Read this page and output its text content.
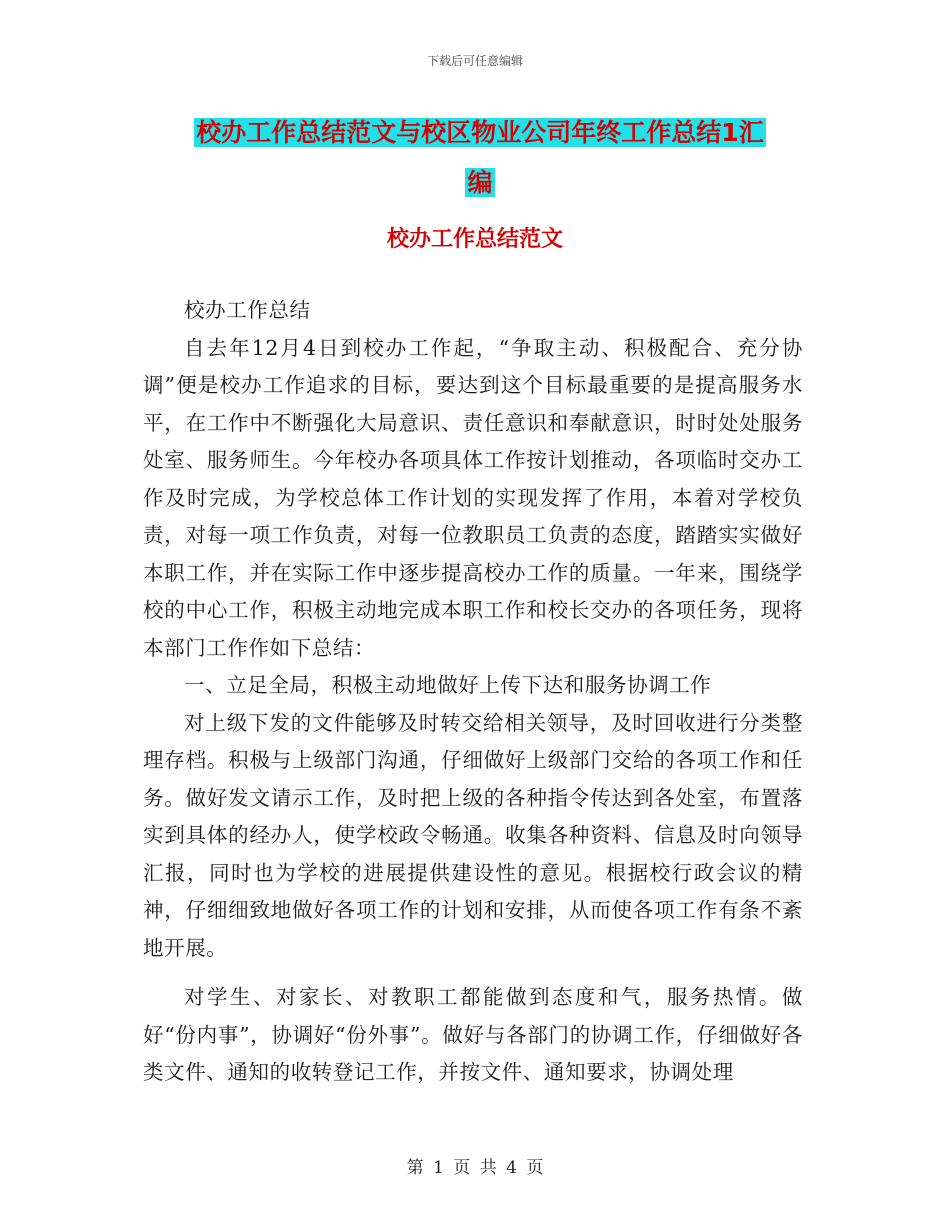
下载后可任意编辑
校办工作总结范文与校区物业公司年终工作总结1汇
编
校办工作总结范文

校办工作总结

自去年12月4日到校办工作起，“争取主动、积极配合、充分协调”便是校办工作追求的目标，要达到这个目标最重要的是提高服务水平，在工作中不断强化大局意识、责任意识和奉献意识，时时处处服务处室、服务师生。今年校办各项具体工作按计划推动，各项临时交办工作及时完成，为学校总体工作计划的实现发挥了作用，本着对学校负责，对每一项工作负责，对每一位教职员工负责的态度，踏踏实实做好本职工作，并在实际工作中逐步提高校办工作的质量。一年来，围绕学校的中心工作，积极主动地完成本职工作和校长交办的各项任务，现将本部门工作作如下总结：

一、立足全局，积极主动地做好上传下达和服务协调工作

对上级下发的文件能够及时转交给相关领导，及时回收进行分类整理存档。积极与上级部门沟通，仔细做好上级部门交给的各项工作和任务。做好发文请示工作，及时把上级的各种指令传达到各处室，布置落实到具体的经办人，使学校政令畅通。收集各种资料、信息及时向领导汇报，同时也为学校的进展提供建设性的意见。根据校行政会议的精神，仔细细致地做好各项工作的计划和安排，从而使各项工作有条不紊地开展。

对学生、对家长、对教职工都能做到态度和气，服务热情。做好“份内事”，协调好“份外事”。做好与各部门的协调工作，仔细做好各类文件、通知的收转登记工作，并按文件、通知要求，协调处理

第 1 页 共 4 页
